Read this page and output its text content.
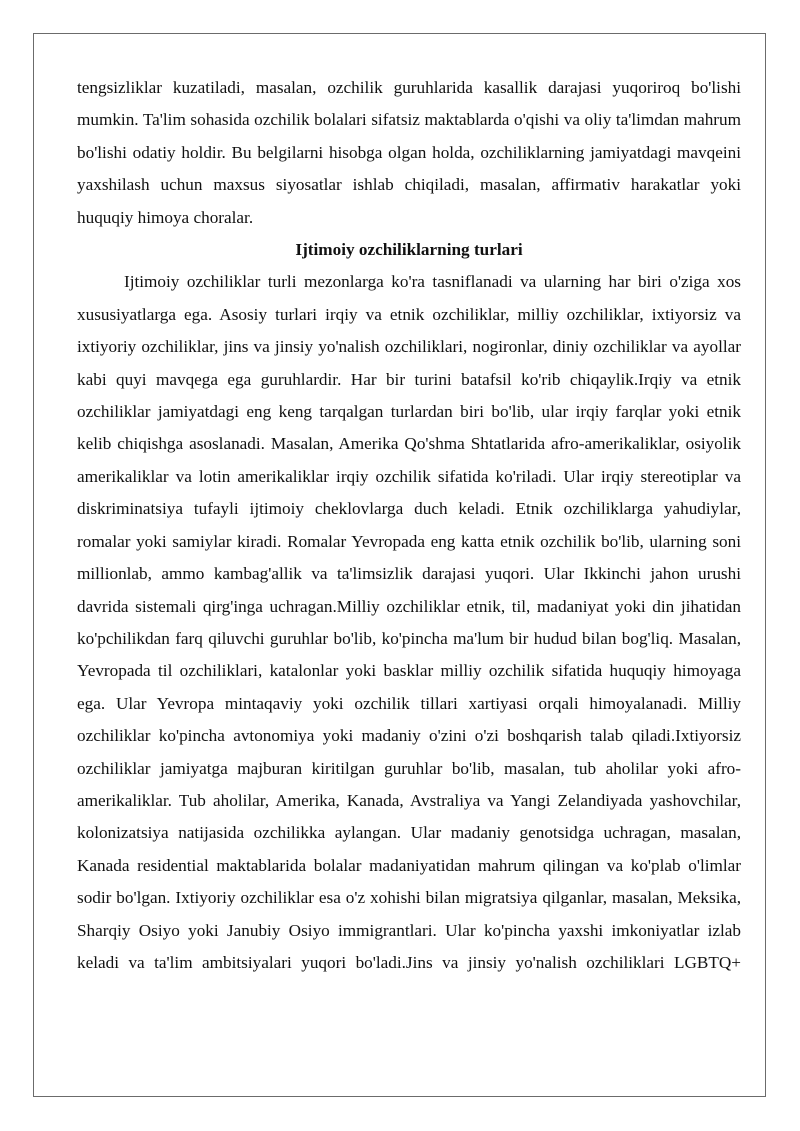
tengsizliklar kuzatiladi, masalan, ozchilik guruhlarida kasallik darajasi yuqoriroq bo'lishi mumkin. Ta'lim sohasida ozchilik bolalari sifatsiz maktablarda o'qishi va oliy ta'limdan mahrum bo'lishi odatiy holdir. Bu belgilarni hisobga olgan holda, ozchiliklarning jamiyatdagi mavqeini yaxshilash uchun maxsus siyosatlar ishlab chiqiladi, masalan, affirmativ harakatlar yoki huquqiy himoya choralar.

Ijtimoiy ozchiliklarning turlari

Ijtimoiy ozchiliklar turli mezonlarga ko'ra tasniflanadi va ularning har biri o'ziga xos xususiyatlarga ega. Asosiy turlari irqiy va etnik ozchiliklar, milliy ozchiliklar, ixtiyorsiz va ixtiyoriy ozchiliklar, jins va jinsiy yo'nalish ozchiliklari, nogironlar, diniy ozchiliklar va ayollar kabi quyi mavqega ega guruhlardir. Har bir turini batafsil ko'rib chiqaylik.Irqiy va etnik ozchiliklar jamiyatdagi eng keng tarqalgan turlardan biri bo'lib, ular irqiy farqlar yoki etnik kelib chiqishga asoslanadi. Masalan, Amerika Qo'shma Shtatlarida afro-amerikaliklar, osiyolik amerikaliklar va lotin amerikaliklar irqiy ozchilik sifatida ko'riladi. Ular irqiy stereotiplar va diskriminatsiya tufayli ijtimoiy cheklovlarga duch keladi. Etnik ozchiliklarga yahudiylar, romalar yoki samiylar kiradi. Romalar Yevropada eng katta etnik ozchilik bo'lib, ularning soni millionlab, ammo kambag'allik va ta'limsizlik darajasi yuqori. Ular Ikkinchi jahon urushi davrida sistemali qirg'inga uchragan.Milliy ozchiliklar etnik, til, madaniyat yoki din jihatidan ko'pchilikdan farq qiluvchi guruhlar bo'lib, ko'pincha ma'lum bir hudud bilan bog'liq. Masalan, Yevropada til ozchiliklari, katalonlar yoki basklar milliy ozchilik sifatida huquqiy himoyaga ega. Ular Yevropa mintaqaviy yoki ozchilik tillari xartiyasi orqali himoyalanadi. Milliy ozchiliklar ko'pincha avtonomiya yoki madaniy o'zini o'zi boshqarish talab qiladi.Ixtiyorsiz ozchiliklar jamiyatga majburan kiritilgan guruhlar bo'lib, masalan, tub aholilar yoki afro-amerikaliklar. Tub aholilar, Amerika, Kanada, Avstraliya va Yangi Zelandiyada yashovchilar, kolonizatsiya natijasida ozchilikka aylangan. Ular madaniy genotsidga uchragan, masalan, Kanada residential maktablarida bolalar madaniyatidan mahrum qilingan va ko'plab o'limlar sodir bo'lgan. Ixtiyoriy ozchiliklar esa o'z xohishi bilan migratsiya qilganlar, masalan, Meksika, Sharqiy Osiyo yoki Janubiy Osiyo immigrantlari. Ular ko'pincha yaxshi imkoniyatlar izlab keladi va ta'lim ambitsiyalari yuqori bo'ladi.Jins va jinsiy yo'nalish ozchiliklari LGBTQ+
